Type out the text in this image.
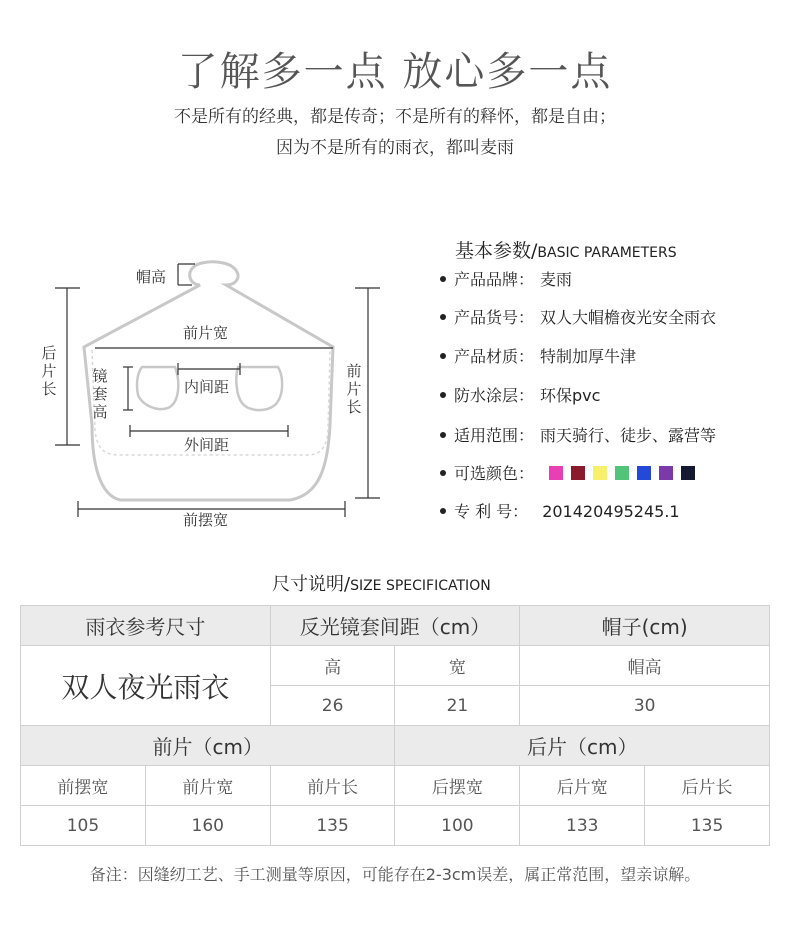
了解多一点 放心多一点
不是所有的经典，都是传奇；不是所有的释怀，都是自由；
因为不是所有的雨衣，都叫麦雨
帽高
前片宽
后片长
镜套高
内间距
外间距
前片长
前摆宽
基本参数/BASIC PARAMETERS
产品品牌： 麦雨
产品货号： 双人大帽檐夜光安全雨衣
产品材质： 特制加厚牛津
防水涂层： 环保pvc
适用范围： 雨天骑行、徒步、露营等
可选颜色：
专 利 号： 201420495245.1
尺寸说明/SIZE SPECIFICATION
雨衣参考尺寸		反光镜套间距（cm）		帽子(cm)	
双人夜光雨衣		高	宽	帽高	
		26	21	30	
前片（cm）			后片（cm）		
前摆宽	前片宽	前片长	后摆宽	后片宽	后片长
105	160	135	100	133	135
备注：因缝纫工艺、手工测量等原因，可能存在2-3cm误差，属正常范围，望亲谅解。
